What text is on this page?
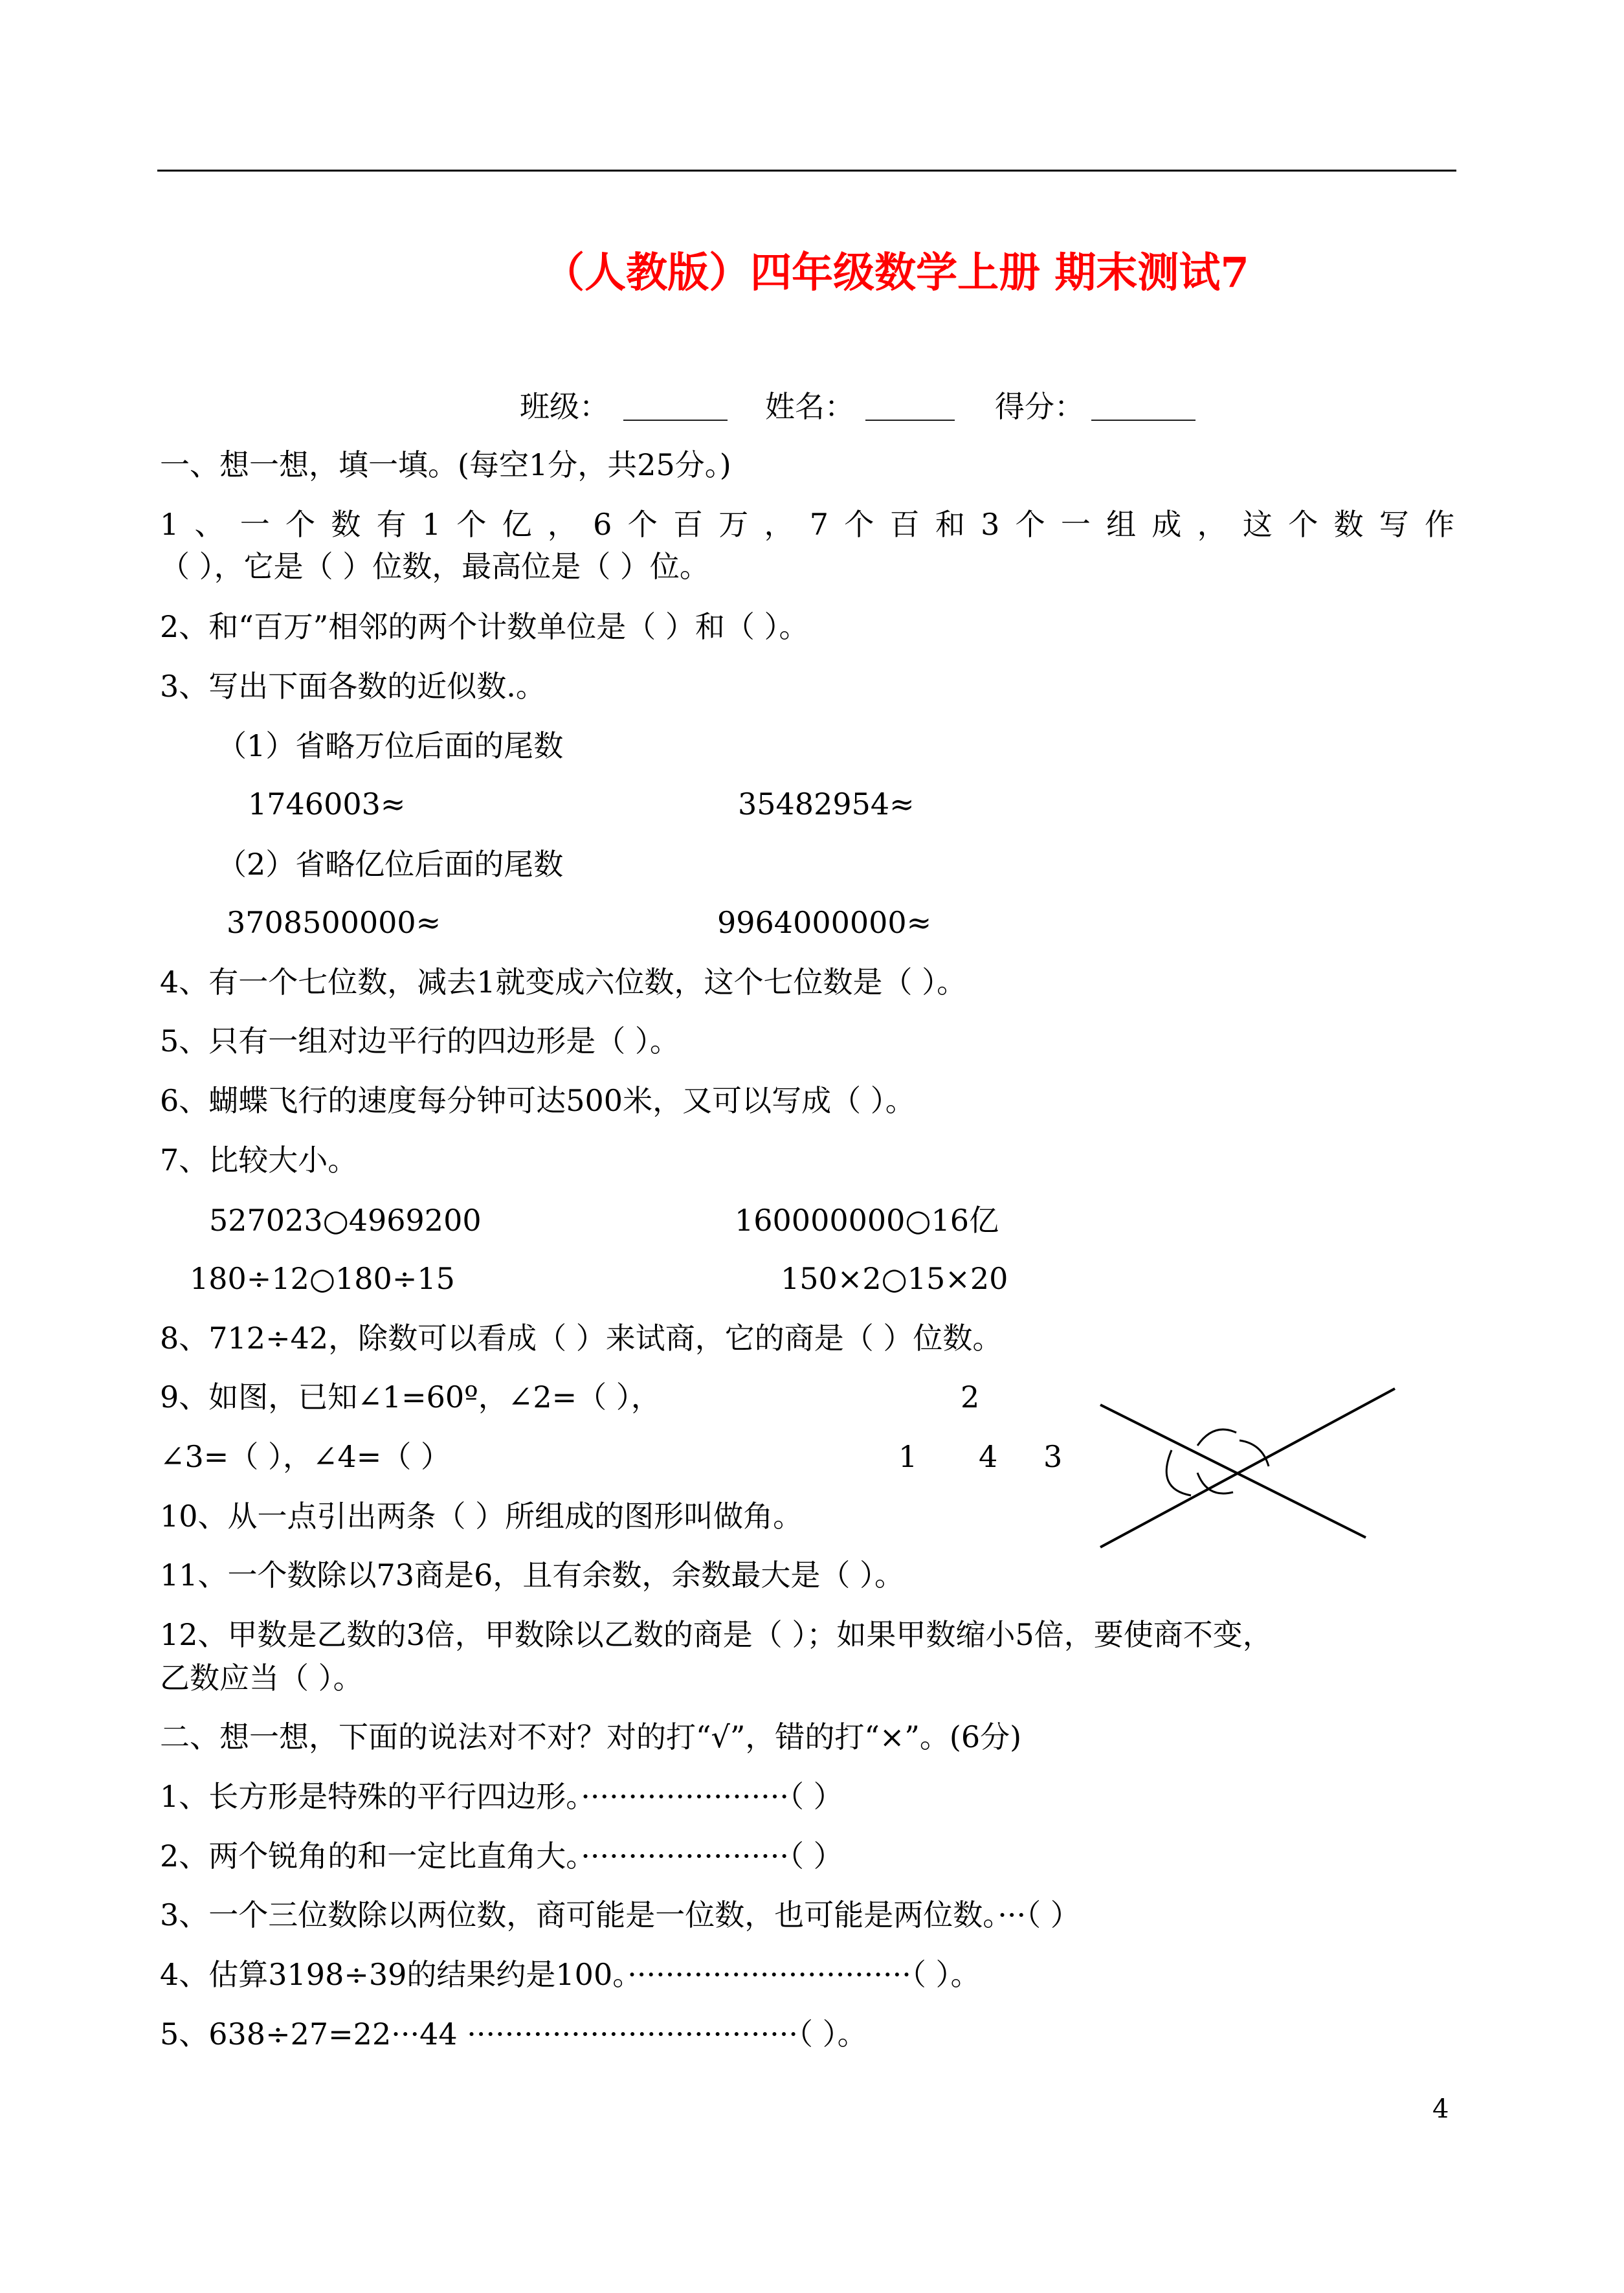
（人教版）四年级数学上册 期末测试7
班级： _______ 姓名： ______ 得分： _______
一、想一想，填一填。(每空1分，共25分。)
1、一个数有1个亿，6个百万，7个百和3个一组成，这个数写作
（ ），它是（ ）位数，最高位是（ ）位。
2、和“百万”相邻的两个计数单位是（ ）和（ ）。
3、写出下面各数的近似数.。
（1）省略万位后面的尾数
1746003≈	35482954≈
（2）省略亿位后面的尾数
3708500000≈	9964000000≈
4、有一个七位数，减去1就变成六位数，这个七位数是（ ）。
5、只有一组对边平行的四边形是（ ）。
6、蝴蝶飞行的速度每分钟可达500米，又可以写成（ ）。
7、比较大小。
527023○4969200	160000000○16亿
180÷12○180÷15	150×2○15×20
8、712÷42，除数可以看成（ ）来试商，它的商是（ ）位数。
9、如图，已知∠1=60º，∠2=（ ），
∠3=（ ），∠4=（ ）
10、从一点引出两条（ ）所组成的图形叫做角。
11、一个数除以73商是6，且有余数，余数最大是（ ）。
12、甲数是乙数的3倍，甲数除以乙数的商是（ ）；如果甲数缩小5倍，要使商不变，
乙数应当（ ）。
2
1 4 3
二、想一想，下面的说法对不对？对的打“√”，错的打“×”。(6分)
1、长方形是特殊的平行四边形。······················（ ）
2、两个锐角的和一定比直角大。······················（ ）
3、一个三位数除以两位数，商可能是一位数，也可能是两位数。···（ ）
4、估算3198÷39的结果约是100。······························（ ）。
5、638÷27=22···44 ···································（ ）。
4
